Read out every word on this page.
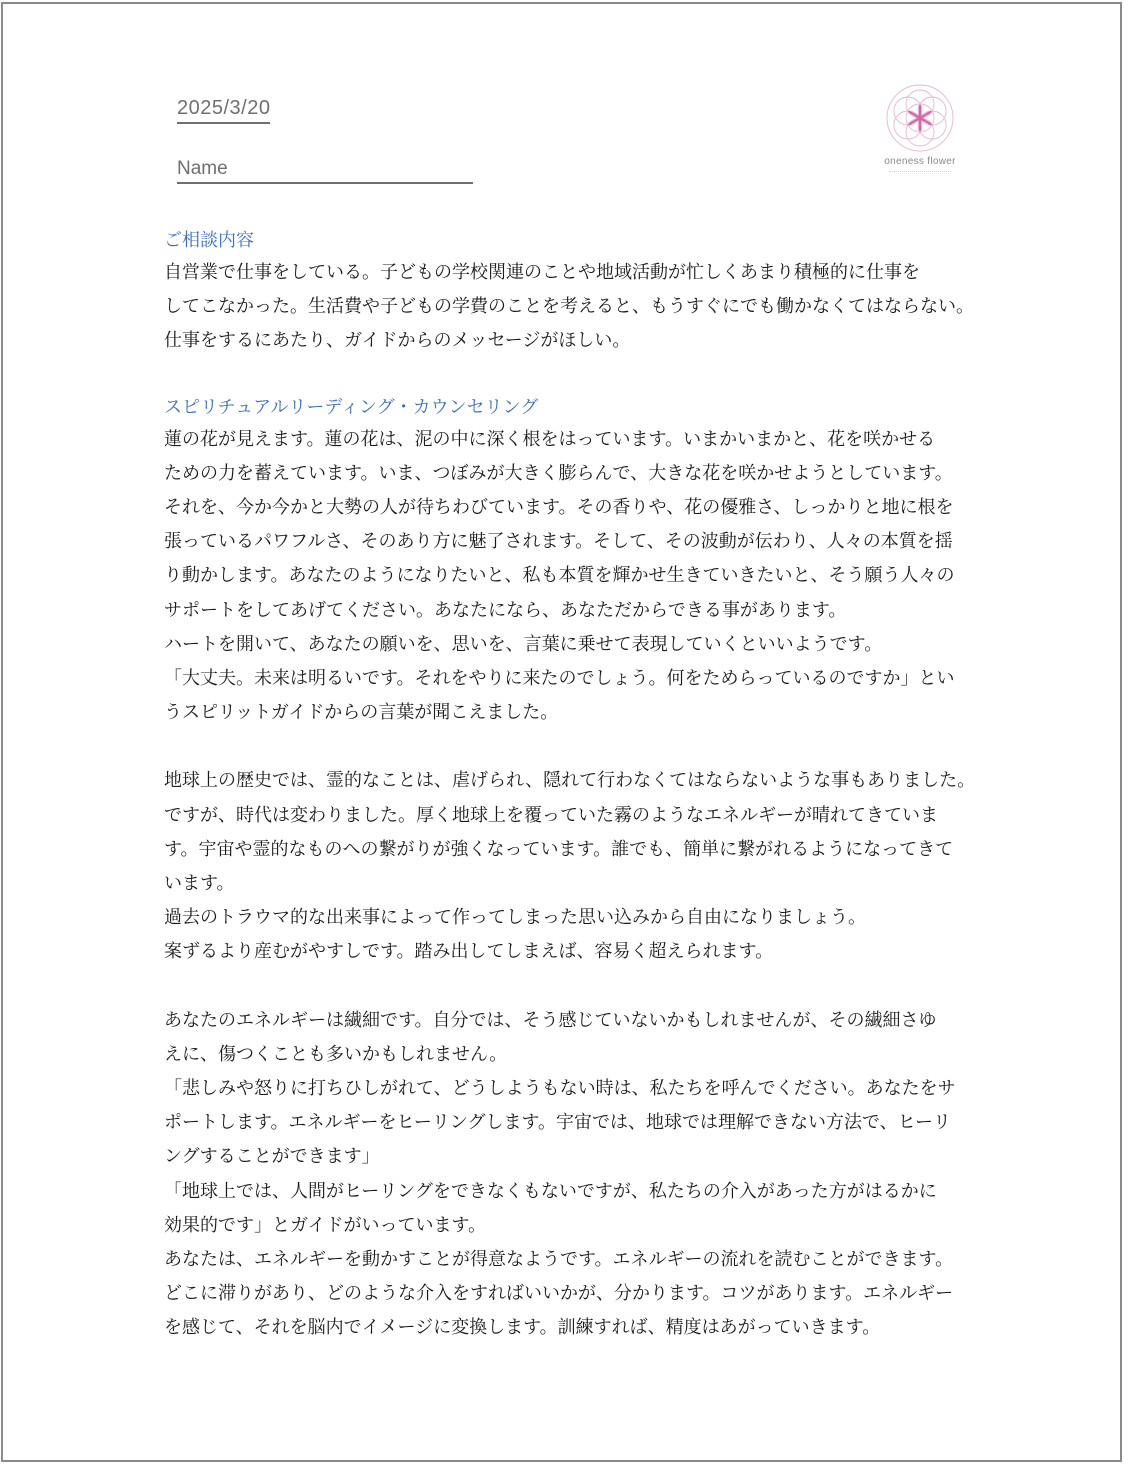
2025/3/20
Name	oneness flower
ご相談内容
自営業で仕事をしている。子どもの学校関連のことや地域活動が忙しくあまり積極的に仕事を
してこなかった。生活費や子どもの学費のことを考えると、もうすぐにでも働かなくてはならない。
仕事をするにあたり、ガイドからのメッセージがほしい。
スピリチュアルリーディング・カウンセリング
蓮の花が見えます。蓮の花は、泥の中に深く根をはっています。いまかいまかと、花を咲かせる
ための力を蓄えています。いま、つぼみが大きく膨らんで、大きな花を咲かせようとしています。
それを、今か今かと大勢の人が待ちわびています。その香りや、花の優雅さ、しっかりと地に根を
張っているパワフルさ、そのあり方に魅了されます。そして、その波動が伝わり、人々の本質を揺
り動かします。あなたのようになりたいと、私も本質を輝かせ生きていきたいと、そう願う人々の
サポートをしてあげてください。あなたになら、あなただからできる事があります。
ハートを開いて、あなたの願いを、思いを、言葉に乗せて表現していくといいようです。
「大丈夫。未来は明るいです。それをやりに来たのでしょう。何をためらっているのですか」とい
うスピリットガイドからの言葉が聞こえました。
地球上の歴史では、霊的なことは、虐げられ、隠れて行わなくてはならないような事もありました。
ですが、時代は変わりました。厚く地球上を覆っていた霧のようなエネルギーが晴れてきていま
す。宇宙や霊的なものへの繋がりが強くなっています。誰でも、簡単に繋がれるようになってきて
います。
過去のトラウマ的な出来事によって作ってしまった思い込みから自由になりましょう。
案ずるより産むがやすしです。踏み出してしまえば、容易く超えられます。
あなたのエネルギーは繊細です。自分では、そう感じていないかもしれませんが、その繊細さゆ
えに、傷つくことも多いかもしれません。
「悲しみや怒りに打ちひしがれて、どうしようもない時は、私たちを呼んでください。あなたをサ
ポートします。エネルギーをヒーリングします。宇宙では、地球では理解できない方法で、ヒーリ
ングすることができます」
「地球上では、人間がヒーリングをできなくもないですが、私たちの介入があった方がはるかに
効果的です」とガイドがいっています。
あなたは、エネルギーを動かすことが得意なようです。エネルギーの流れを読むことができます。
どこに滞りがあり、どのような介入をすればいいかが、分かります。コツがあります。エネルギー
を感じて、それを脳内でイメージに変換します。訓練すれば、精度はあがっていきます。
